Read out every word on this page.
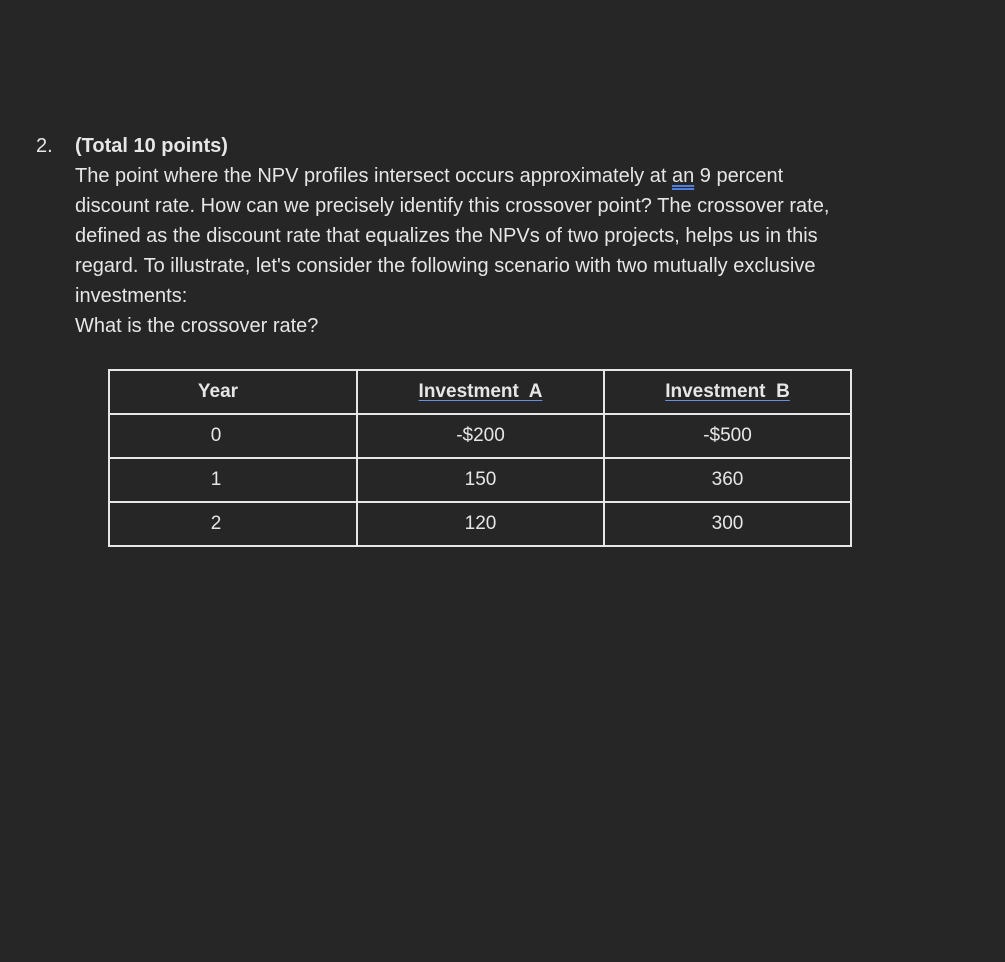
2. (Total 10 points)
The point where the NPV profiles intersect occurs approximately at an 9 percent
discount rate. How can we precisely identify this crossover point? The crossover rate,
defined as the discount rate that equalizes the NPVs of two projects, helps us in this
regard. To illustrate, let's consider the following scenario with two mutually exclusive
investments:
What is the crossover rate?
Year	Investment  A	Investment  B
0	-$200	-$500
1	150	360
2	120	300
